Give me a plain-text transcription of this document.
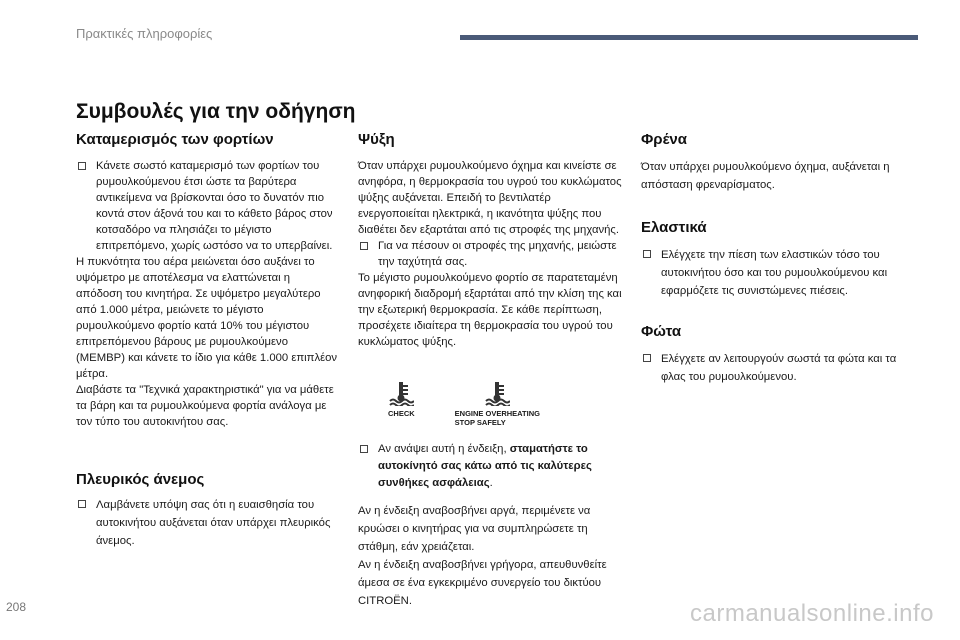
Πρακτικές πληροφορίες
Συμβουλές για την οδήγηση
Καταμερισμός των φορτίων

Κάνετε σωστό καταμερισμό των φορτίων του ρυμουλκούμενου έτσι ώστε τα βαρύτερα αντικείμενα να βρίσκονται όσο το δυνατόν πιο κοντά στον άξονά του και το κάθετο βάρος στον κοτσαδόρο να πλησιάζει το μέγιστο επιτρεπόμενο, χωρίς ωστόσο να το υπερβαίνει.

Η πυκνότητα του αέρα μειώνεται όσο αυξάνει το υψόμετρο με αποτέλεσμα να ελαττώνεται η απόδοση του κινητήρα. Σε υψόμετρο μεγαλύτερο από 1.000 μέτρα, μειώνετε το μέγιστο ρυμουλκούμενο φορτίο κατά 10% του μέγιστου επιτρεπόμενου βάρους με ρυμουλκούμενο (MEMBP) και κάνετε το ίδιο για κάθε 1.000 επιπλέον μέτρα.

Διαβάστε τα "Τεχνικά χαρακτηριστικά" για να μάθετε τα βάρη και τα ρυμουλκούμενα φορτία ανάλογα με τον τύπο του αυτοκινήτου σας.

Πλευρικός άνεμος

Λαμβάνετε υπόψη σας ότι η ευαισθησία του αυτοκινήτου αυξάνεται όταν υπάρχει πλευρικός άνεμος.

Ψύξη

Όταν υπάρχει ρυμουλκούμενο όχημα και κινείστε σε ανηφόρα, η θερμοκρασία του υγρού του κυκλώματος ψύξης αυξάνεται. Επειδή το βεντιλατέρ ενεργοποιείται ηλεκτρικά, η ικανότητα ψύξης που διαθέτει δεν εξαρτάται από τις στροφές της μηχανής.

Για να πέσουν οι στροφές της μηχανής, μειώστε την ταχύτητά σας.

Το μέγιστο ρυμουλκούμενο φορτίο σε παρατεταμένη ανηφορική διαδρομή εξαρτάται από την κλίση της και την εξωτερική θερμοκρασία. Σε κάθε περίπτωση, προσέχετε ιδιαίτερα τη θερμοκρασία του υγρού του κυκλώματος ψύξης.

CHECK	ENGINE OVERHEATING
STOP SAFELY

Αν ανάψει αυτή η ένδειξη, σταματήστε το αυτοκίνητό σας κάτω από τις καλύτερες συνθήκες ασφάλειας.

Αν η ένδειξη αναβοσβήνει αργά, περιμένετε να κρυώσει ο κινητήρας για να συμπληρώσετε τη στάθμη, εάν χρειάζεται.

Αν η ένδειξη αναβοσβήνει γρήγορα, απευθυνθείτε άμεσα σε ένα εγκεκριμένο συνεργείο του δικτύου CITROËN.

Φρένα

Όταν υπάρχει ρυμουλκούμενο όχημα, αυξάνεται η απόσταση φρεναρίσματος.

Ελαστικά

Ελέγχετε την πίεση των ελαστικών τόσο του αυτοκινήτου όσο και του ρυμουλκούμενου και εφαρμόζετε τις συνιστώμενες πιέσεις.

Φώτα

Ελέγχετε αν λειτουργούν σωστά τα φώτα και τα φλας του ρυμουλκούμενου.

208	carmanualsonline.info
